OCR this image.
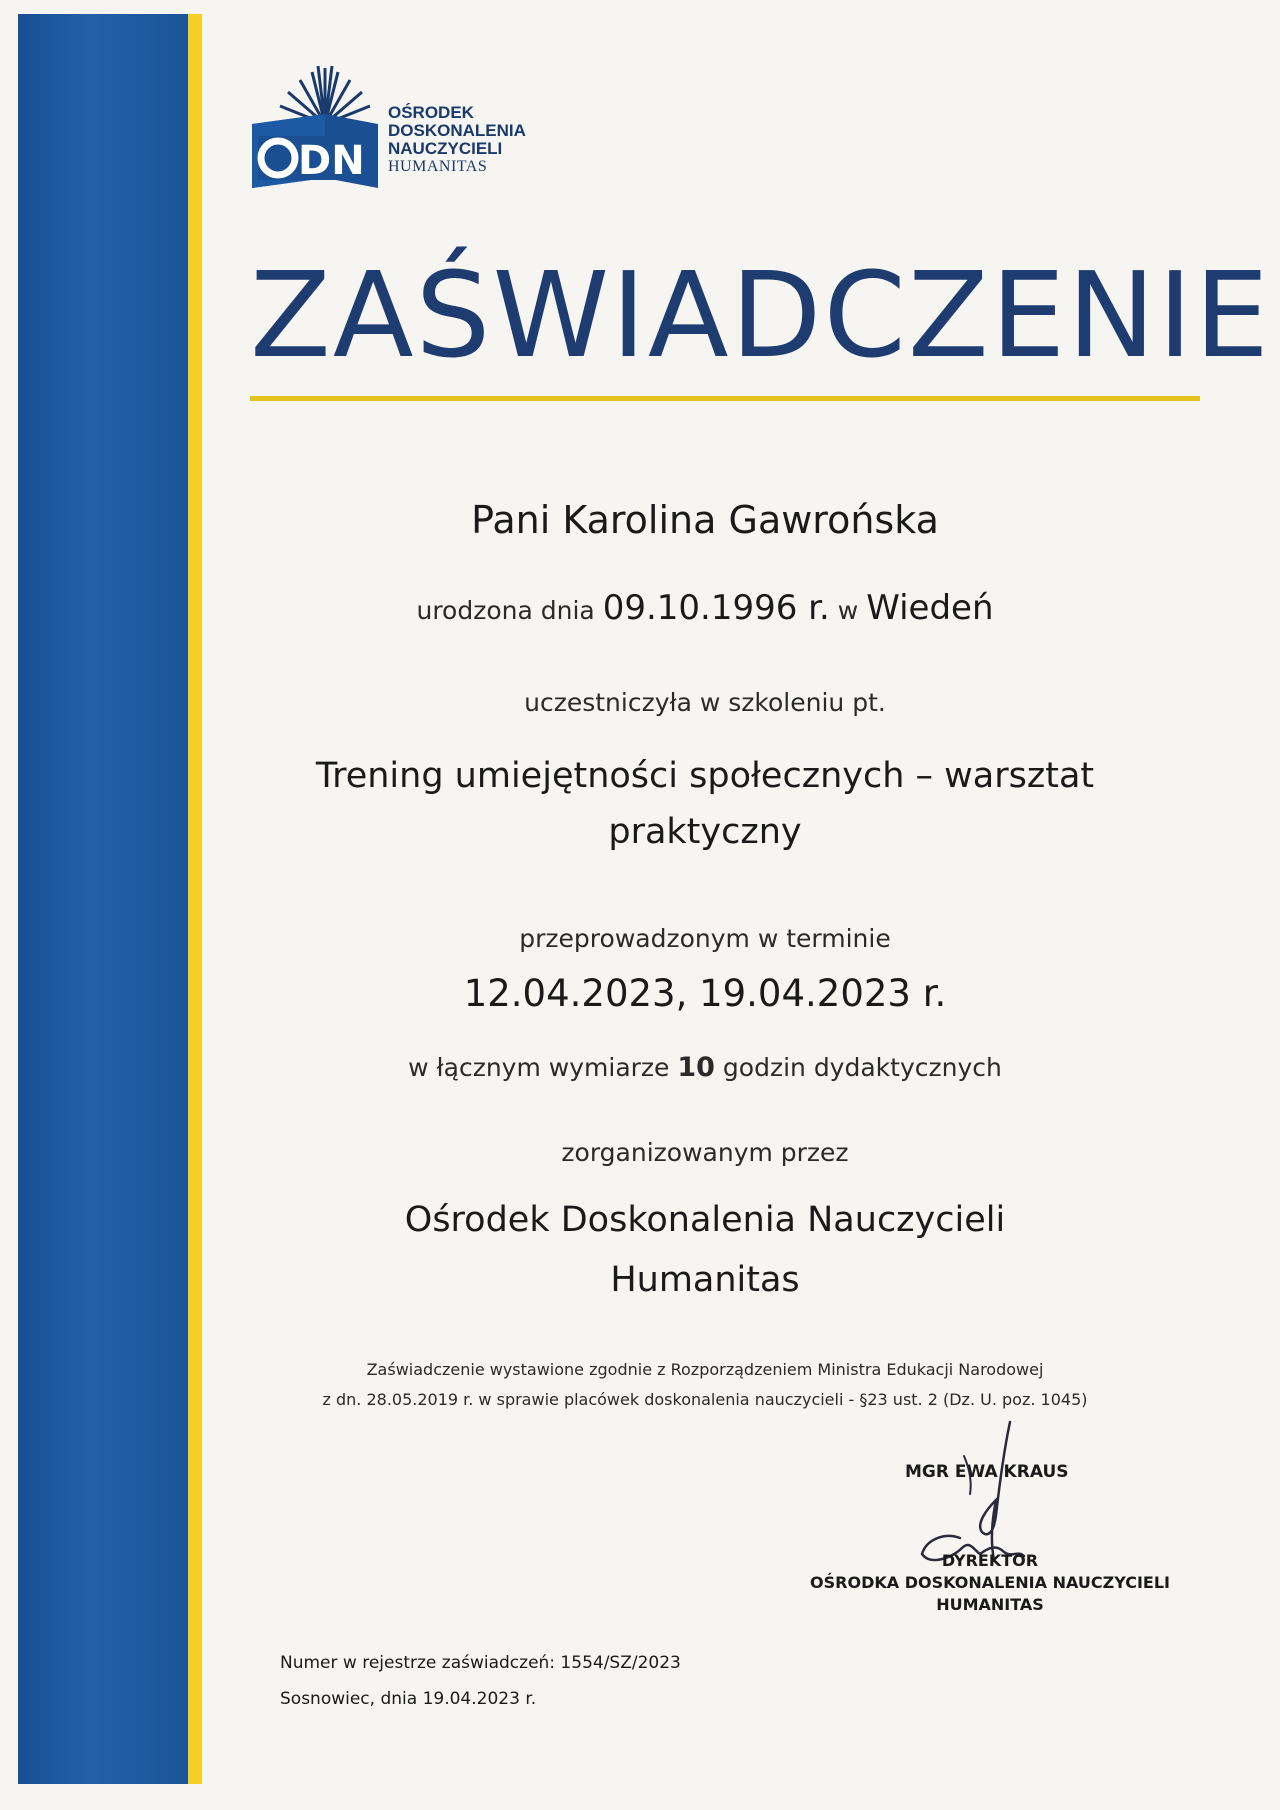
DN
OŚRODEK
DOSKONALENIA
NAUCZYCIELI
HUMANITAS
ZAŚWIADCZENIE
Pani Karolina Gawrońska
urodzona dnia 09.10.1996 r. w Wiedeń
uczestniczyła w szkoleniu pt.
Trening umiejętności społecznych – warsztat
praktyczny
przeprowadzonym w terminie
12.04.2023, 19.04.2023 r.
w łącznym wymiarze 10 godzin dydaktycznych
zorganizowanym przez
Ośrodek Doskonalenia Nauczycieli
Humanitas
Zaświadczenie wystawione zgodnie z Rozporządzeniem Ministra Edukacji Narodowej
z dn. 28.05.2019 r. w sprawie placówek doskonalenia nauczycieli - §23 ust. 2 (Dz. U. poz. 1045)
MGR EWA KRAUS
DYREKTOR
OŚRODKA DOSKONALENIA NAUCZYCIELI
HUMANITAS
Numer w rejestrze zaświadczeń: 1554/SZ/2023
Sosnowiec, dnia 19.04.2023 r.
